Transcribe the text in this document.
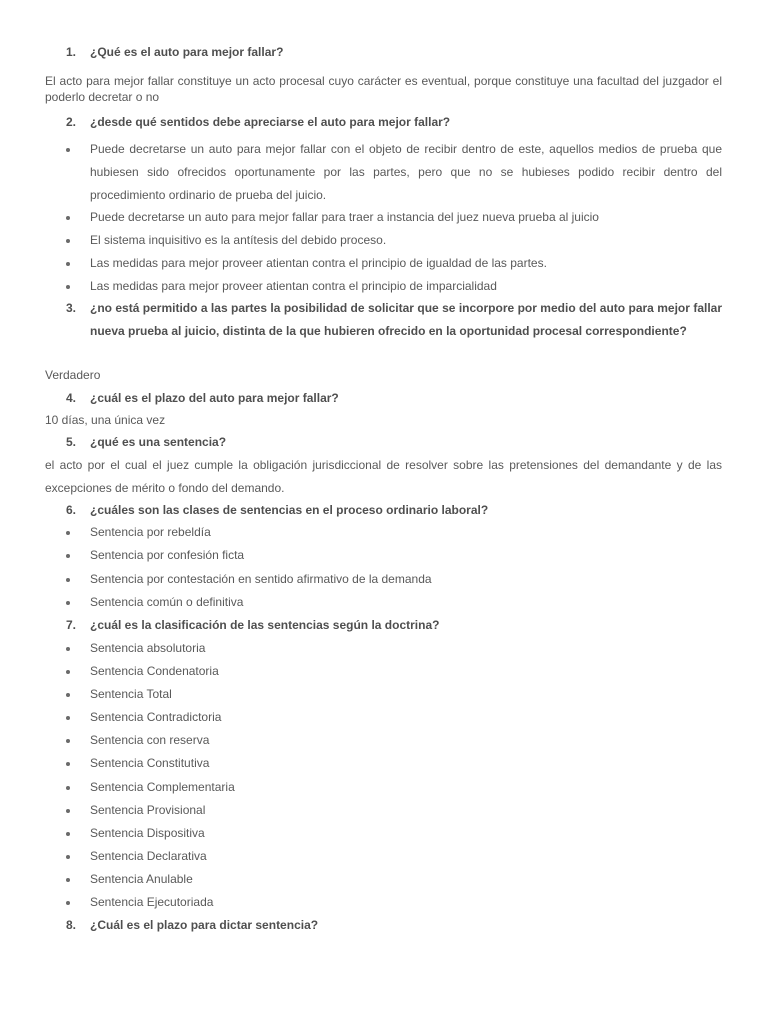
1. ¿Qué es el auto para mejor fallar?
El acto para mejor fallar constituye un acto procesal cuyo carácter es eventual, porque constituye una facultad del juzgador el poderlo decretar o no
2. ¿desde qué sentidos debe apreciarse el auto para mejor fallar?
Puede decretarse un auto para mejor fallar con el objeto de recibir dentro de este, aquellos medios de prueba que hubiesen sido ofrecidos oportunamente por las partes, pero que no se hubieses podido recibir dentro del procedimiento ordinario de prueba del juicio.
Puede decretarse un auto para mejor fallar para traer a instancia del juez nueva prueba al juicio
El sistema inquisitivo es la antítesis del debido proceso.
Las medidas para mejor proveer atientan contra el principio de igualdad de las partes.
Las medidas para mejor proveer atientan contra el principio de imparcialidad
3.	¿no está permitido a las partes la posibilidad de solicitar que se incorpore por medio del auto para mejor fallar nueva prueba al juicio, distinta de la que hubieren ofrecido en la oportunidad procesal correspondiente?
Verdadero
4. ¿cuál es el plazo del auto para mejor fallar?
10 días, una única vez
5. ¿qué es una sentencia?
el acto por el cual el juez cumple la obligación jurisdiccional de resolver sobre las pretensiones del demandante y de las excepciones de mérito o fondo del demando.
6. ¿cuáles son las clases de sentencias en el proceso ordinario laboral?
Sentencia por rebeldía
Sentencia por confesión ficta
Sentencia por contestación en sentido afirmativo de la demanda
Sentencia común o definitiva
7. ¿cuál es la clasificación de las sentencias según la doctrina?
Sentencia absolutoria
Sentencia Condenatoria
Sentencia Total
Sentencia Contradictoria
Sentencia con reserva
Sentencia Constitutiva
Sentencia Complementaria
Sentencia Provisional
Sentencia Dispositiva
Sentencia Declarativa
Sentencia Anulable
Sentencia Ejecutoriada
8. ¿Cuál es el plazo para dictar sentencia?
